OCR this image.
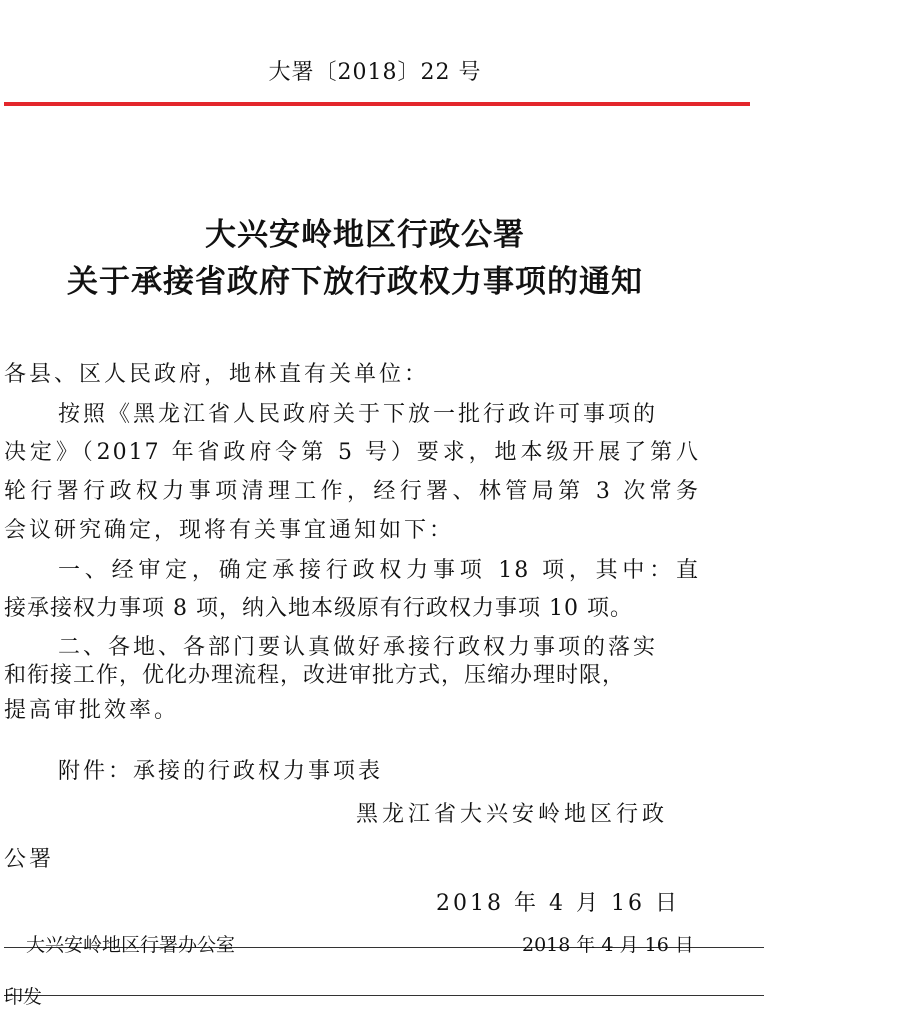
大署〔2018〕22 号
大兴安岭地区行政公署
关于承接省政府下放行政权力事项的通知
各县、区人民政府，地林直有关单位：
按照《黑龙江省人民政府关于下放一批行政许可事项的
决定》（2017 年省政府令第 5 号）要求，地本级开展了第八
轮行署行政权力事项清理工作，经行署、林管局第 3 次常务
会议研究确定，现将有关事宜通知如下：
一、经审定，确定承接行政权力事项 18 项，其中：直
接承接权力事项 8 项，纳入地本级原有行政权力事项 10 项。
二、各地、各部门要认真做好承接行政权力事项的落实
和衔接工作，优化办理流程，改进审批方式，压缩办理时限，
提高审批效率。
附件：承接的行政权力事项表
黑龙江省大兴安岭地区行政
公署
2018 年 4 月 16 日
大兴安岭地区行署办公室	2018 年 4 月 16 日
印发
